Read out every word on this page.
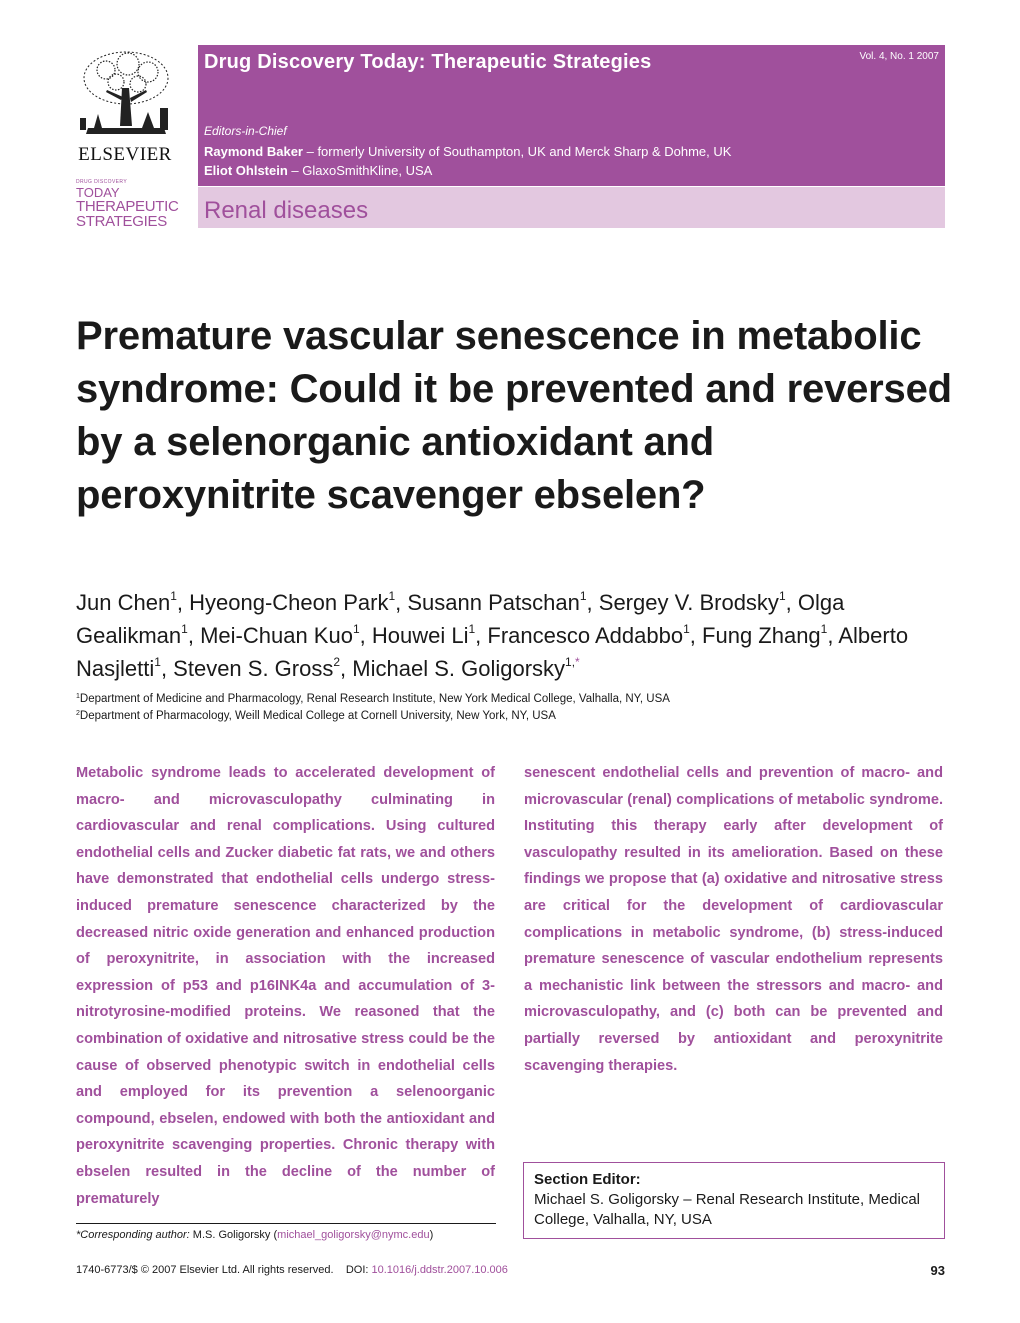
ELSEVIER
DRUG DISCOVERY
TODAY
THERAPEUTIC
STRATEGIES
Drug Discovery Today: Therapeutic Strategies	Vol. 4, No. 1 2007
Editors-in-Chief
Raymond Baker – formerly University of Southampton, UK and Merck Sharp & Dohme, UK
Eliot Ohlstein – GlaxoSmithKline, USA
Renal diseases
Premature vascular senescence in metabolic syndrome: Could it be prevented and reversed by a selenorganic antioxidant and peroxynitrite scavenger ebselen?

Jun Chen$^1$, Hyeong-Cheon Park$^1$, Susann Patschan$^1$, Sergey V. Brodsky$^1$, Olga Gealikman$^1$, Mei-Chuan Kuo$^1$, Houwei Li$^1$, Francesco Addabbo$^1$, Fung Zhang$^1$, Alberto Nasjletti$^1$, Steven S. Gross$^2$, Michael S. Goligorsky$^{1,*}$

$^1$Department of Medicine and Pharmacology, Renal Research Institute, New York Medical College, Valhalla, NY, USA
$^2$Department of Pharmacology, Weill Medical College at Cornell University, New York, NY, USA

Metabolic syndrome leads to accelerated development of macro- and microvasculopathy culminating in cardiovascular and renal complications. Using cultured endothelial cells and Zucker diabetic fat rats, we and others have demonstrated that endothelial cells undergo stress-induced premature senescence characterized by the decreased nitric oxide generation and enhanced production of peroxynitrite, in association with the increased expression of p53 and p16INK4a and accumulation of 3-nitrotyrosine-modified proteins. We reasoned that the combination of oxidative and nitrosative stress could be the cause of observed phenotypic switch in endothelial cells and employed for its prevention a selenoorganic compound, ebselen, endowed with both the antioxidant and peroxynitrite scavenging properties. Chronic therapy with ebselen resulted in the decline of the number of prematurely

senescent endothelial cells and prevention of macro- and microvascular (renal) complications of metabolic syndrome. Instituting this therapy early after development of vasculopathy resulted in its amelioration. Based on these findings we propose that (a) oxidative and nitrosative stress are critical for the development of cardiovascular complications in metabolic syndrome, (b) stress-induced premature senescence of vascular endothelium represents a mechanistic link between the stressors and macro- and microvasculopathy, and (c) both can be prevented and partially reversed by antioxidant and peroxynitrite scavenging therapies.

Section Editor:
Michael S. Goligorsky – Renal Research Institute, Medical College, Valhalla, NY, USA
*Corresponding author: M.S. Goligorsky (michael_goligorsky@nymc.edu)
1740-6773/$ © 2007 Elsevier Ltd. All rights reserved. DOI: 10.1016/j.ddstr.2007.10.006	93
